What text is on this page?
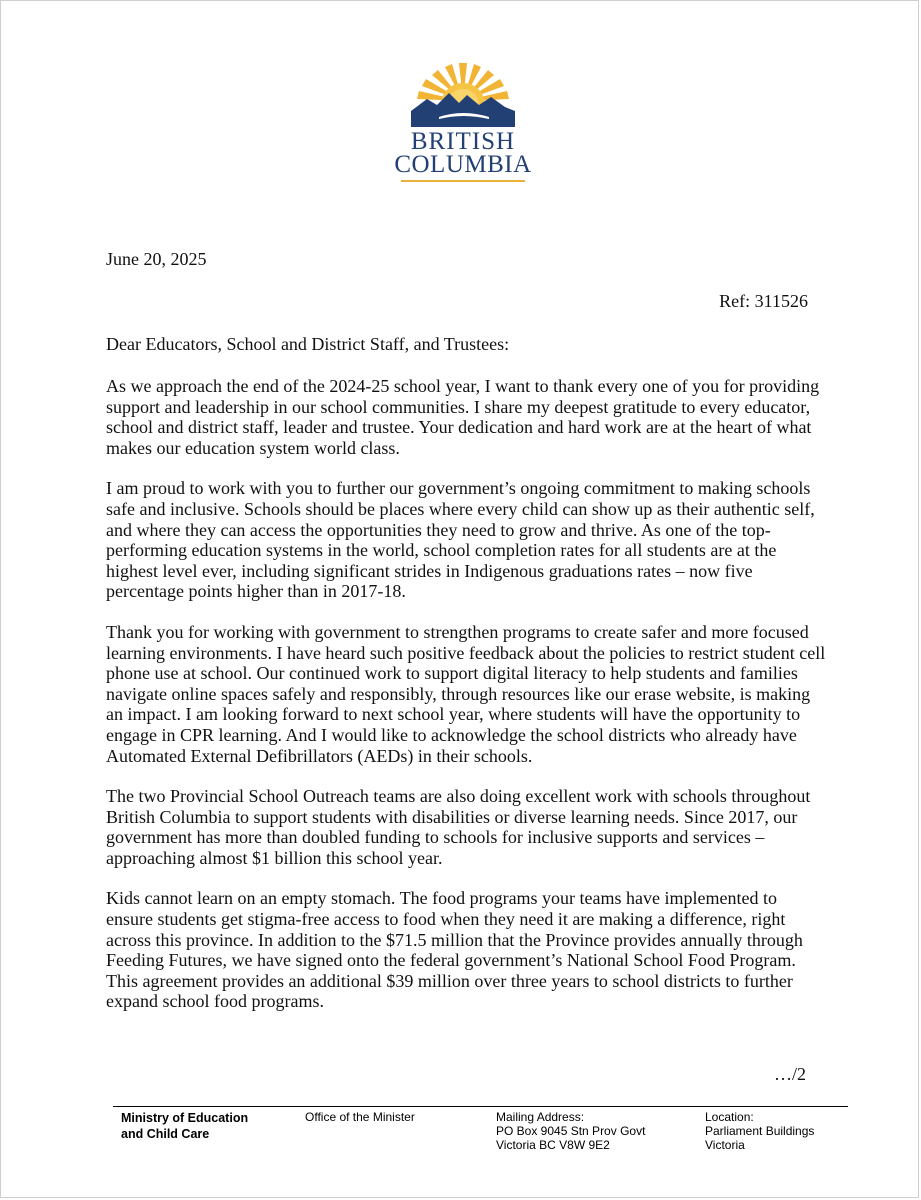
BRITISH
COLUMBIA
June 20, 2025
Ref: 311526
Dear Educators, School and District Staff, and Trustees:

As we approach the end of the 2024-25 school year, I want to thank every one of you for providing support and leadership in our school communities. I share my deepest gratitude to every educator, school and district staff, leader and trustee. Your dedication and hard work are at the heart of what makes our education system world class.

I am proud to work with you to further our government’s ongoing commitment to making schools safe and inclusive. Schools should be places where every child can show up as their authentic self, and where they can access the opportunities they need to grow and thrive. As one of the top-performing education systems in the world, school completion rates for all students are at the highest level ever, including significant strides in Indigenous graduations rates – now five percentage points higher than in 2017-18.

Thank you for working with government to strengthen programs to create safer and more focused learning environments. I have heard such positive feedback about the policies to restrict student cell phone use at school. Our continued work to support digital literacy to help students and families navigate online spaces safely and responsibly, through resources like our erase website, is making an impact. I am looking forward to next school year, where students will have the opportunity to engage in CPR learning. And I would like to acknowledge the school districts who already have Automated External Defibrillators (AEDs) in their schools.

The two Provincial School Outreach teams are also doing excellent work with schools throughout British Columbia to support students with disabilities or diverse learning needs. Since 2017, our government has more than doubled funding to schools for inclusive supports and services – approaching almost $1 billion this school year.

Kids cannot learn on an empty stomach. The food programs your teams have implemented to ensure students get stigma-free access to food when they need it are making a difference, right across this province. In addition to the $71.5 million that the Province provides annually through Feeding Futures, we have signed onto the federal government’s National School Food Program. This agreement provides an additional $39 million over three years to school districts to further expand school food programs.

…/2
Ministry of Education
and Child Care
Office of the Minister	Mailing Address:
PO Box 9045 Stn Prov Govt
Victoria BC V8W 9E2
Location:
Parliament Buildings
Victoria
